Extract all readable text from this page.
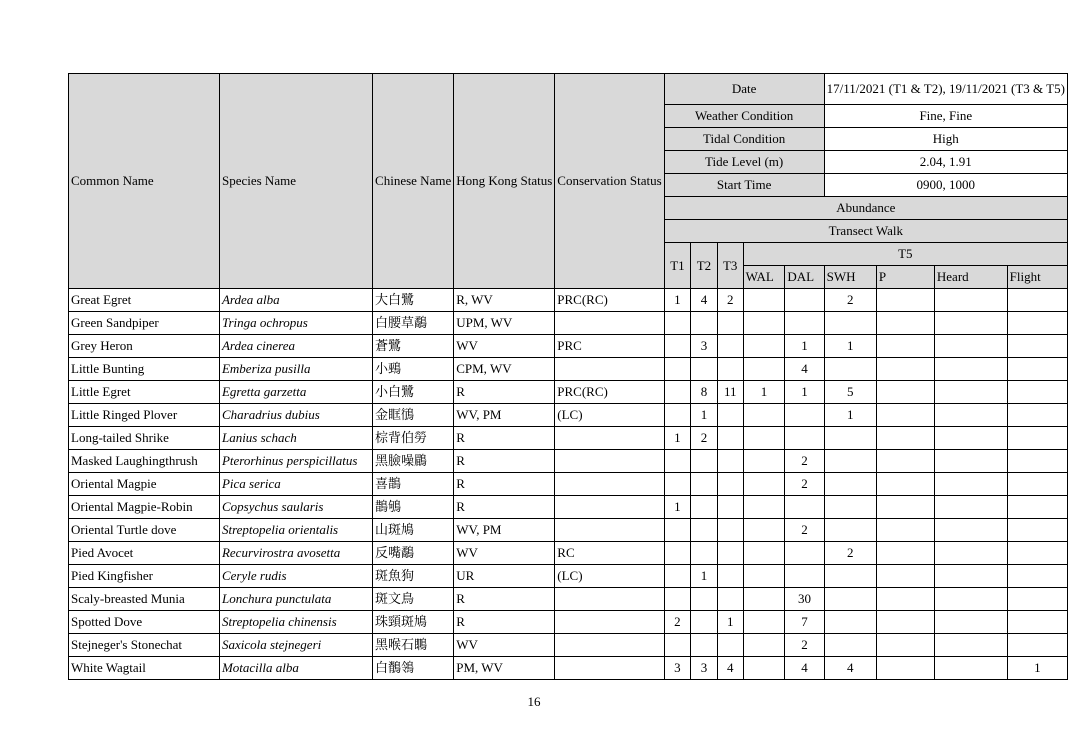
Common Name	Species Name	Chinese Name	Hong Kong Status	Conservation Status	Date					17/11/2021 (T1 & T2), 19/11/2021 (T3 & T5)			
					Weather Condition					Fine, Fine			
					Tidal Condition					High			
					Tide Level (m)					2.04, 1.91			
					Start Time					0900, 1000			
					Abundance								
					Transect Walk								
					T1	T2	T3	T5					
								WAL	DAL	SWH	P	Heard	Flight

Great Egret	Ardea alba	大白鷺	R, WV	PRC(RC)	1	4	2			2			
Green Sandpiper	Tringa ochropus	白腰草鷸	UPM, WV										
Grey Heron	Ardea cinerea	蒼鷺	WV	PRC		3			1	1			
Little Bunting	Emberiza pusilla	小鵐	CPM, WV						4				
Little Egret	Egretta garzetta	小白鷺	R	PRC(RC)		8	11	1	1	5			
Little Ringed Plover	Charadrius dubius	金眶鴴	WV, PM	(LC)		1				1			
Long-tailed Shrike	Lanius schach	棕背伯勞	R		1	2							
Masked Laughingthrush	Pterorhinus perspicillatus	黑臉噪鶥	R						2				
Oriental Magpie	Pica serica	喜鵲	R						2				
Oriental Magpie-Robin	Copsychus saularis	鵲鴝	R		1								
Oriental Turtle dove	Streptopelia orientalis	山斑鳩	WV, PM						2				
Pied Avocet	Recurvirostra avosetta	反嘴鷸	WV	RC						2			
Pied Kingfisher	Ceryle rudis	斑魚狗	UR	(LC)		1							
Scaly-breasted Munia	Lonchura punctulata	斑文鳥	R						30				
Spotted Dove	Streptopelia chinensis	珠頸斑鳩	R		2		1		7				
Stejneger's Stonechat	Saxicola stejnegeri	黑喉石䳭	WV						2				
White Wagtail	Motacilla alba	白鶺鴒	PM, WV		3	3	4		4	4			1
16
